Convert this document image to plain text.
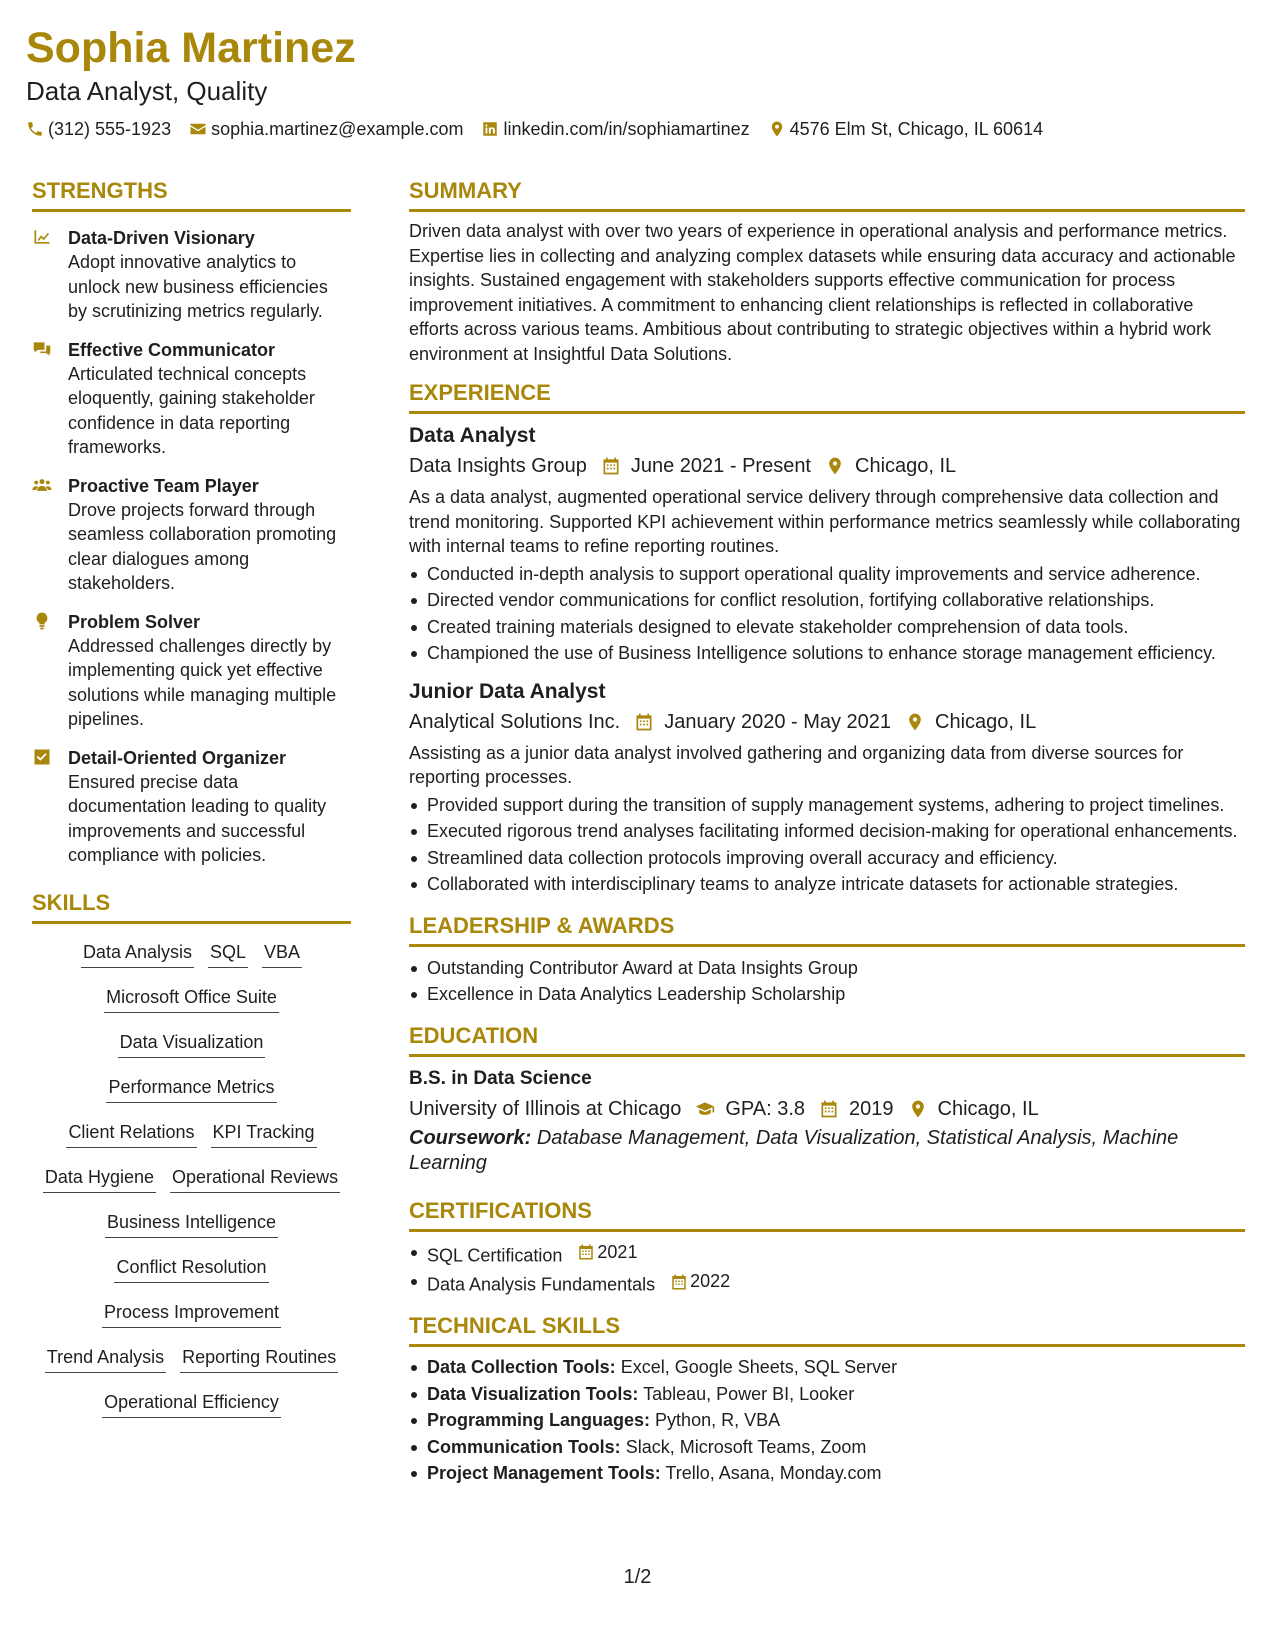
Sophia Martinez
Data Analyst, Quality
(312) 555-1923 sophia.martinez@example.com linkedin.com/in/sophiamartinez 4576 Elm St, Chicago, IL 60614
STRENGTHS
Data-Driven Visionary
Adopt innovative analytics to unlock new business efficiencies by scrutinizing metrics regularly.
Effective Communicator
Articulated technical concepts eloquently, gaining stakeholder confidence in data reporting frameworks.
Proactive Team Player
Drove projects forward through seamless collaboration promoting clear dialogues among stakeholders.
Problem Solver
Addressed challenges directly by implementing quick yet effective solutions while managing multiple pipelines.
Detail-Oriented Organizer
Ensured precise data documentation leading to quality improvements and successful compliance with policies.
SKILLS
Data Analysis SQL VBA
Microsoft Office Suite
Data Visualization
Performance Metrics
Client Relations KPI Tracking
Data Hygiene Operational Reviews
Business Intelligence
Conflict Resolution
Process Improvement
Trend Analysis Reporting Routines
Operational Efficiency
SUMMARY
Driven data analyst with over two years of experience in operational analysis and performance metrics. Expertise lies in collecting and analyzing complex datasets while ensuring data accuracy and actionable insights. Sustained engagement with stakeholders supports effective communication for process improvement initiatives. A commitment to enhancing client relationships is reflected in collaborative efforts across various teams. Ambitious about contributing to strategic objectives within a hybrid work environment at Insightful Data Solutions.
EXPERIENCE
Data Analyst
Data Insights Group June 2021 - Present Chicago, IL
As a data analyst, augmented operational service delivery through comprehensive data collection and trend monitoring. Supported KPI achievement within performance metrics seamlessly while collaborating with internal teams to refine reporting routines.
Conducted in-depth analysis to support operational quality improvements and service adherence.
Directed vendor communications for conflict resolution, fortifying collaborative relationships.
Created training materials designed to elevate stakeholder comprehension of data tools.
Championed the use of Business Intelligence solutions to enhance storage management efficiency.
Junior Data Analyst
Analytical Solutions Inc. January 2020 - May 2021 Chicago, IL
Assisting as a junior data analyst involved gathering and organizing data from diverse sources for reporting processes.
Provided support during the transition of supply management systems, adhering to project timelines.
Executed rigorous trend analyses facilitating informed decision-making for operational enhancements.
Streamlined data collection protocols improving overall accuracy and efficiency.
Collaborated with interdisciplinary teams to analyze intricate datasets for actionable strategies.
LEADERSHIP & AWARDS
Outstanding Contributor Award at Data Insights Group
Excellence in Data Analytics Leadership Scholarship
EDUCATION
B.S. in Data Science
University of Illinois at Chicago GPA: 3.8 2019 Chicago, IL
Coursework: Database Management, Data Visualization, Statistical Analysis, Machine Learning
CERTIFICATIONS
SQL Certification 2021
Data Analysis Fundamentals 2022
TECHNICAL SKILLS
Data Collection Tools: Excel, Google Sheets, SQL Server
Data Visualization Tools: Tableau, Power BI, Looker
Programming Languages: Python, R, VBA
Communication Tools: Slack, Microsoft Teams, Zoom
Project Management Tools: Trello, Asana, Monday.com
1/2
